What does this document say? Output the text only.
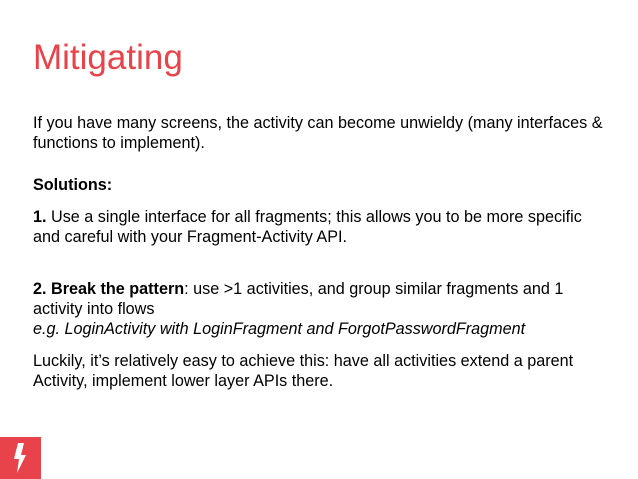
Mitigating

If you have many screens, the activity can become unwieldy (many interfaces & functions to implement).

Solutions:

1. Use a single interface for all fragments; this allows you to be more specific and careful with your Fragment-Activity API.

2. Break the pattern: use >1 activities, and group similar fragments and 1 activity into flows
e.g. LoginActivity with LoginFragment and ForgotPasswordFragment

Luckily, it’s relatively easy to achieve this: have all activities extend a parent Activity, implement lower layer APIs there.
